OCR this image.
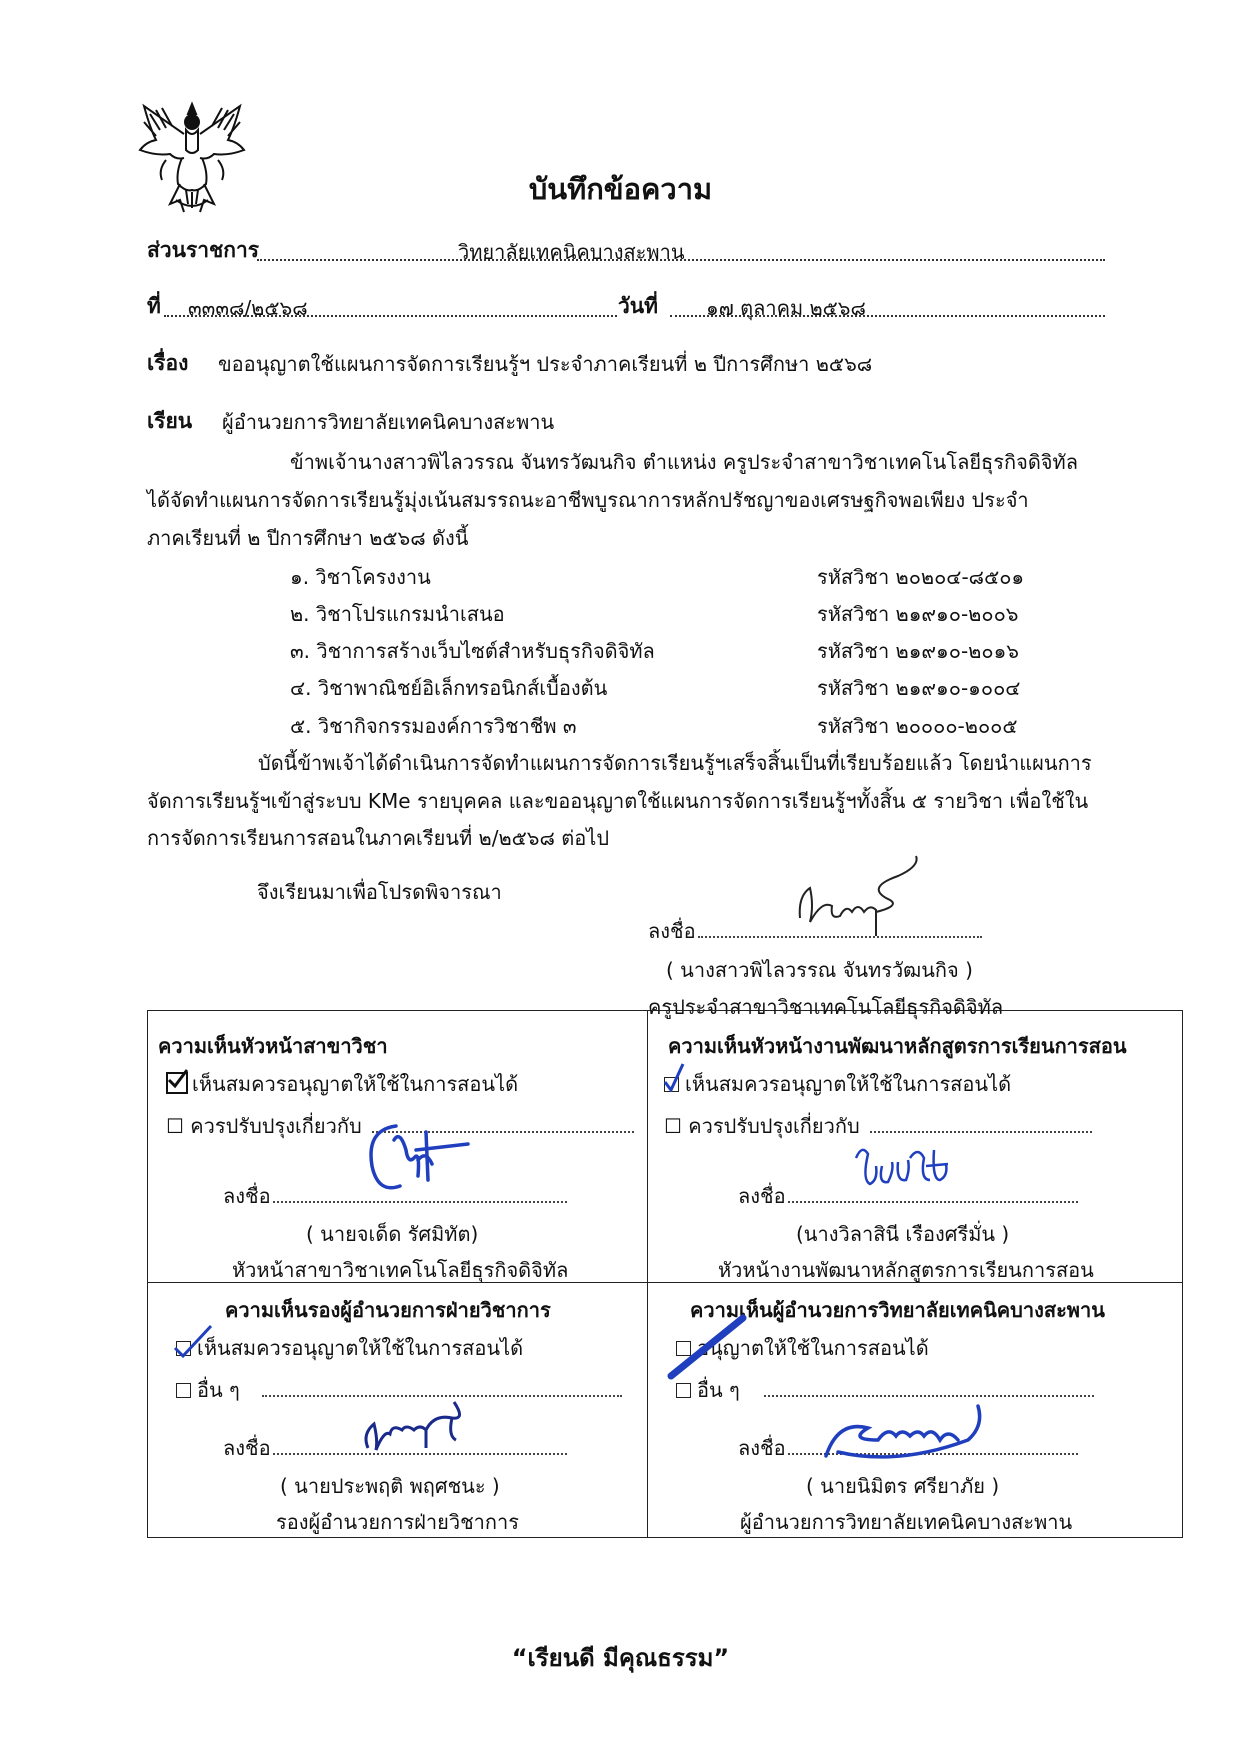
บันทึกข้อความ
ส่วนราชการ	วิทยาลัยเทคนิคบางสะพาน
ที่ ๓๓๓๘/๒๕๖๘	วันที่ ๑๗ ตุลาคม ๒๕๖๘
เรื่อง ขออนุญาตใช้แผนการจัดการเรียนรู้ฯ ประจำภาคเรียนที่ ๒ ปีการศึกษา ๒๕๖๘
เรียน ผู้อำนวยการวิทยาลัยเทคนิคบางสะพาน
ข้าพเจ้านางสาวพิไลวรรณ จันทรวัฒนกิจ ตำแหน่ง ครูประจำสาขาวิชาเทคโนโลยีธุรกิจดิจิทัล
ได้จัดทำแผนการจัดการเรียนรู้มุ่งเน้นสมรรถนะอาชีพบูรณาการหลักปรัชญาของเศรษฐกิจพอเพียง ประจำ
ภาคเรียนที่ ๒ ปีการศึกษา ๒๕๖๘ ดังนี้
๑. วิชาโครงงาน	รหัสวิชา ๒๐๒๐๔-๘๕๐๑
๒. วิชาโปรแกรมนำเสนอ	รหัสวิชา ๒๑๙๑๐-๒๐๐๖
๓. วิชาการสร้างเว็บไซต์สำหรับธุรกิจดิจิทัล	รหัสวิชา ๒๑๙๑๐-๒๐๑๖
๔. วิชาพาณิชย์อิเล็กทรอนิกส์เบื้องต้น	รหัสวิชา ๒๑๙๑๐-๑๐๐๔
๕. วิชากิจกรรมองค์การวิชาชีพ ๓	รหัสวิชา ๒๐๐๐๐-๒๐๐๕
บัดนี้ข้าพเจ้าได้ดำเนินการจัดทำแผนการจัดการเรียนรู้ฯเสร็จสิ้นเป็นที่เรียบร้อยแล้ว โดยนำแผนการ
จัดการเรียนรู้ฯเข้าสู่ระบบ KMe รายบุคคล และขออนุญาตใช้แผนการจัดการเรียนรู้ฯทั้งสิ้น ๕ รายวิชา เพื่อใช้ใน
การจัดการเรียนการสอนในภาคเรียนที่ ๒/๒๕๖๘ ต่อไป
จึงเรียนมาเพื่อโปรดพิจารณา
ลงชื่อ
( นางสาวพิไลวรรณ จันทรวัฒนกิจ )
ครูประจำสาขาวิชาเทคโนโลยีธุรกิจดิจิทัล
ความเห็นหัวหน้าสาขาวิชา
เห็นสมควรอนุญาตให้ใช้ในการสอนได้
☐ ควรปรับปรุงเกี่ยวกับ
ลงชื่อ
( นายจเด็ด รัศมิทัต)
หัวหน้าสาขาวิชาเทคโนโลยีธุรกิจดิจิทัล
ความเห็นหัวหน้างานพัฒนาหลักสูตรการเรียนการสอน
เห็นสมควรอนุญาตให้ใช้ในการสอนได้
☐ ควรปรับปรุงเกี่ยวกับ
ลงชื่อ
(นางวิลาสินี เรืองศรีมั่น )
หัวหน้างานพัฒนาหลักสูตรการเรียนการสอน
ความเห็นรองผู้อำนวยการฝ่ายวิชาการ
เห็นสมควรอนุญาตให้ใช้ในการสอนได้
อื่น ๆ
ลงชื่อ
( นายประพฤติ พฤศชนะ )
รองผู้อำนวยการฝ่ายวิชาการ
ความเห็นผู้อำนวยการวิทยาลัยเทคนิคบางสะพาน
อนุญาตให้ใช้ในการสอนได้
อื่น ๆ
ลงชื่อ
( นายนิมิตร ศรียาภัย )
ผู้อำนวยการวิทยาลัยเทคนิคบางสะพาน
“เรียนดี มีคุณธรรม”
